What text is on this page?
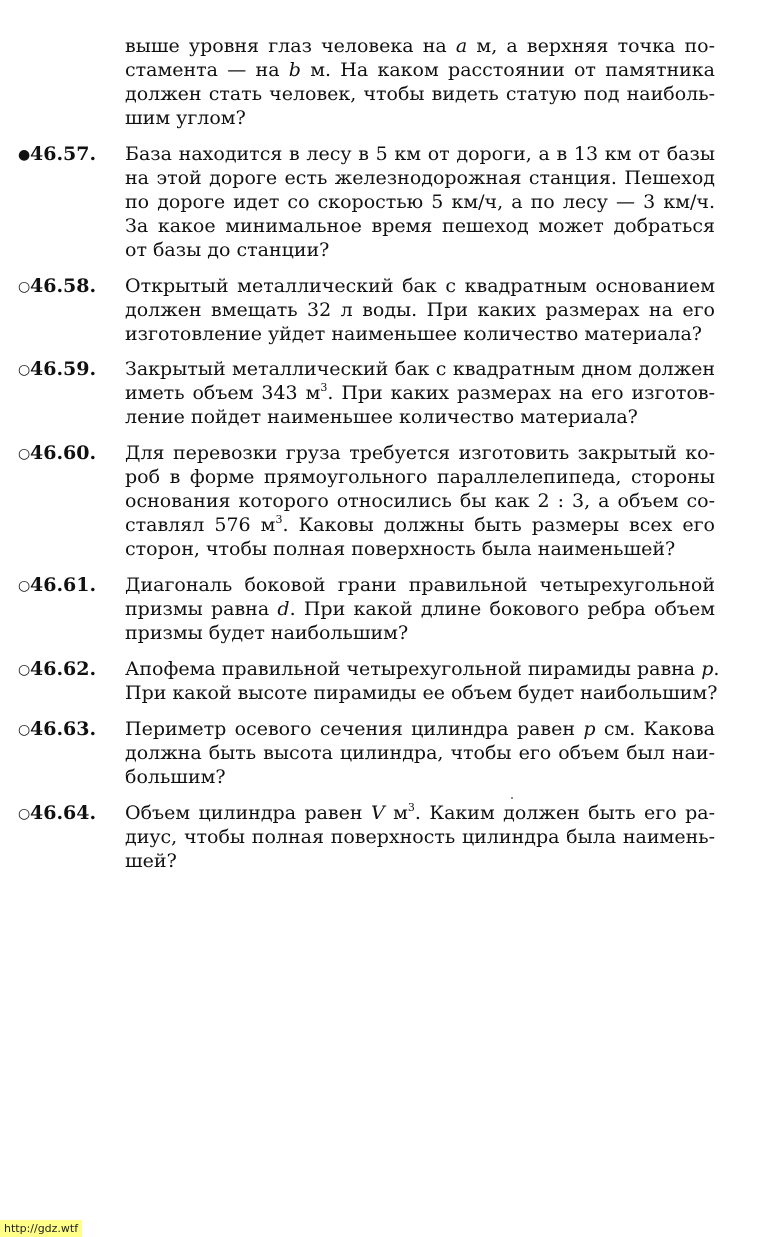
выше уровня глаз человека на a м, а верхняя точка по-
стамента — на b м. На каком расстоянии от памятника
должен стать человек, чтобы видеть статую под наиболь-
шим углом?
●46.57.	База находится в лесу в 5 км от дороги, а в 13 км от базы
на этой дороге есть железнодорожная станция. Пешеход
по дороге идет со скоростью 5 км/ч, а по лесу — 3 км/ч.
За какое минимальное время пешеход может добраться
от базы до станции?
○46.58.	Открытый металлический бак с квадратным основанием
должен вмещать 32 л воды. При каких размерах на его
изготовление уйдет наименьшее количество материала?
○46.59.	Закрытый металлический бак с квадратным дном должен
иметь объем 343 $м^3$. При каких размерах на его изготов-
ление пойдет наименьшее количество материала?
○46.60.	Для перевозки груза требуется изготовить закрытый ко-
роб в форме прямоугольного параллелепипеда, стороны
основания которого относились бы как 2 : 3, а объем со-
ставлял 576 $м^3$. Каковы должны быть размеры всех его
сторон, чтобы полная поверхность была наименьшей?
○46.61.	Диагональ боковой грани правильной четырехугольной
призмы равна d. При какой длине бокового ребра объем
призмы будет наибольшим?
○46.62.	Апофема правильной четырехугольной пирамиды равна p.
При какой высоте пирамиды ее объем будет наибольшим?
○46.63.	Периметр осевого сечения цилиндра равен p см. Какова
должна быть высота цилиндра, чтобы его объем был наи-
большим?
○46.64.	Объем цилиндра равен V $м^3$. Каким должен быть его ра-
диус, чтобы полная поверхность цилиндра была наимень-
шей?
http://gdz.wtf
